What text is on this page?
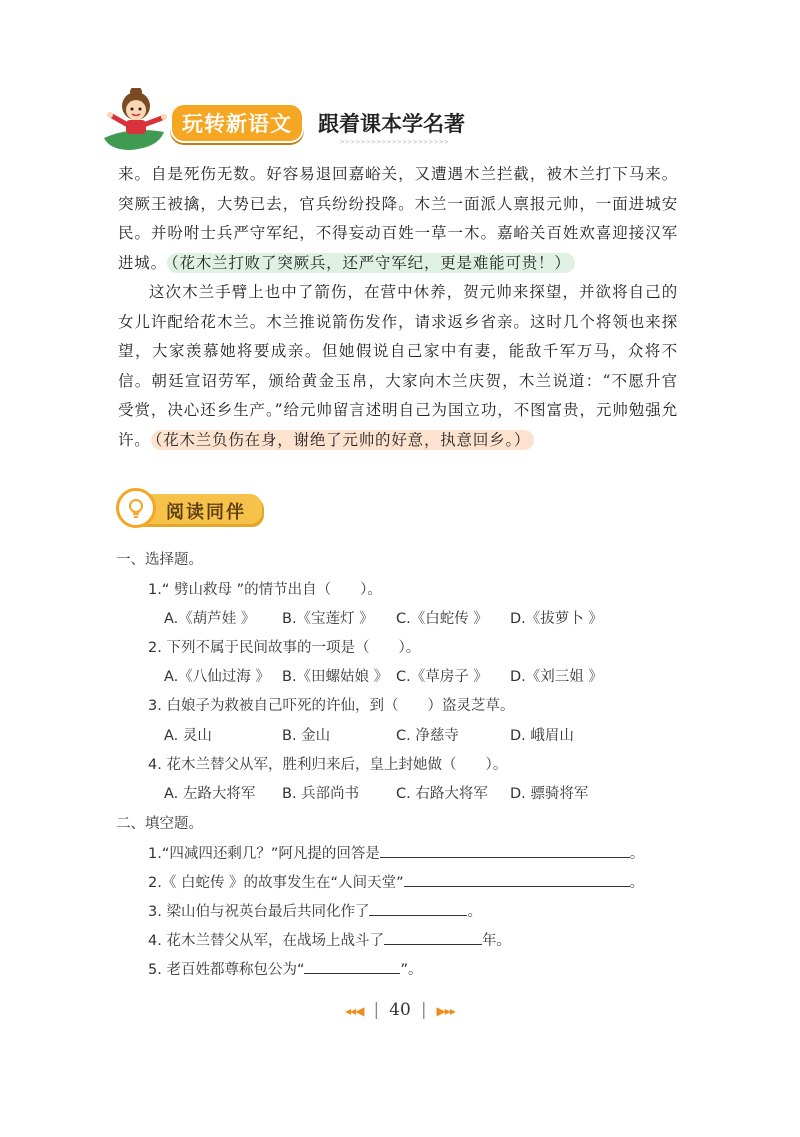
玩转新语文	跟着课本学名著
>>>>>>>>>>>>>>>>>>>>>

来。自是死伤无数。好容易退回嘉峪关，又遭遇木兰拦截，被木兰打下马来。突厥王被擒，大势已去，官兵纷纷投降。木兰一面派人禀报元帅，一面进城安民。并吩咐士兵严守军纪，不得妄动百姓一草一木。嘉峪关百姓欢喜迎接汉军进城。 （花木兰打败了突厥兵，还严守军纪，更是难能可贵！）

这次木兰手臂上也中了箭伤，在营中休养，贺元帅来探望，并欲将自己的女儿许配给花木兰。木兰推说箭伤发作，请求返乡省亲。这时几个将领也来探望，大家羡慕她将要成亲。但她假说自己家中有妻，能敌千军万马，众将不信。朝廷宣诏劳军，颁给黄金玉帛，大家向木兰庆贺，木兰说道：“不愿升官受赏，决心还乡生产。”给元帅留言述明自己为国立功，不图富贵，元帅勉强允许。 （花木兰负伤在身，谢绝了元帅的好意，执意回乡。）

阅读同伴
一、选择题。
1.“ 劈山救母 ”的情节出自（　　）。
A.《葫芦娃 》	B.《宝莲灯 》	C.《白蛇传 》	D.《拔萝卜 》
2. 下列不属于民间故事的一项是（　　）。
A.《八仙过海 》 B.《田螺姑娘 》 C.《草房子 》	D.《刘三姐 》
3. 白娘子为救被自己吓死的许仙，到（　　）盗灵芝草。
A. 灵山	B. 金山	C. 净慈寺	D. 峨眉山
4. 花木兰替父从军，胜利归来后，皇上封她做（　　）。
A. 左路大将军	B. 兵部尚书	C. 右路大将军	D. 骠骑将军
二、填空题。
1.“四减四还剩几？”阿凡提的回答是	。
2.《 白蛇传 》的故事发生在“人间天堂”	。
3. 梁山伯与祝英台最后共同化作了	。
4. 花木兰替父从军，在战场上战斗了	年。
5. 老百姓都尊称包公为“	”。
◂◂◀ | 40 | ▶▸▸
